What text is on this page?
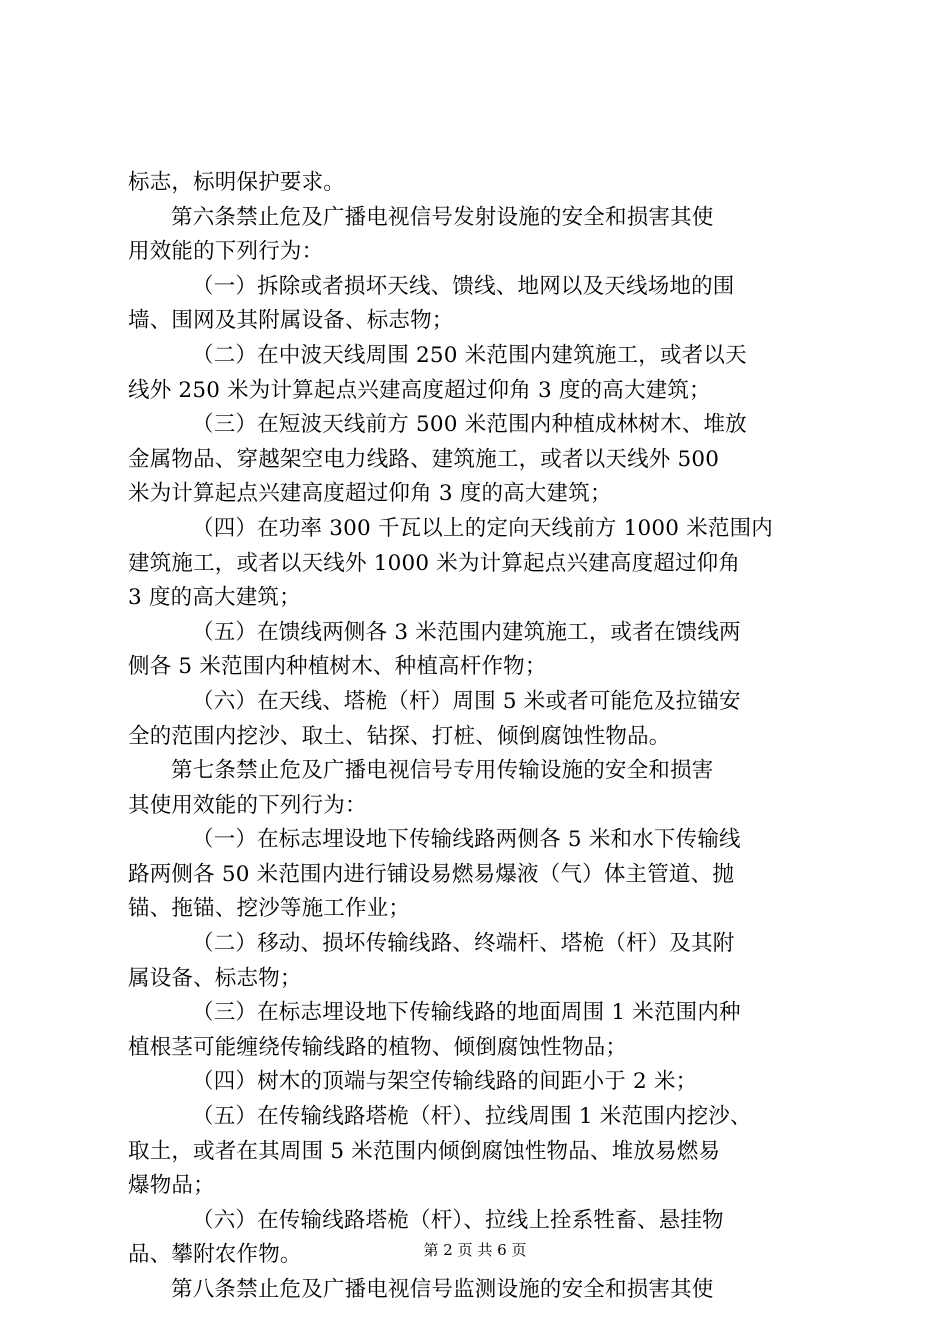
标志，标明保护要求。
第六条禁止危及广播电视信号发射设施的安全和损害其使
用效能的下列行为：
（一）拆除或者损坏天线、馈线、地网以及天线场地的围
墙、围网及其附属设备、标志物；
（二）在中波天线周围 250 米范围内建筑施工，或者以天
线外 250 米为计算起点兴建高度超过仰角 3 度的高大建筑；
（三）在短波天线前方 500 米范围内种植成林树木、堆放
金属物品、穿越架空电力线路、建筑施工，或者以天线外 500
米为计算起点兴建高度超过仰角 3 度的高大建筑；
（四）在功率 300 千瓦以上的定向天线前方 1000 米范围内
建筑施工，或者以天线外 1000 米为计算起点兴建高度超过仰角
3 度的高大建筑；
（五）在馈线两侧各 3 米范围内建筑施工，或者在馈线两
侧各 5 米范围内种植树木、种植高杆作物；
（六）在天线、塔桅（杆）周围 5 米或者可能危及拉锚安
全的范围内挖沙、取土、钻探、打桩、倾倒腐蚀性物品。
第七条禁止危及广播电视信号专用传输设施的安全和损害
其使用效能的下列行为：
（一）在标志埋设地下传输线路两侧各 5 米和水下传输线
路两侧各 50 米范围内进行铺设易燃易爆液（气）体主管道、抛
锚、拖锚、挖沙等施工作业；
（二）移动、损坏传输线路、终端杆、塔桅（杆）及其附
属设备、标志物；
（三）在标志埋设地下传输线路的地面周围 1 米范围内种
植根茎可能缠绕传输线路的植物、倾倒腐蚀性物品；
（四）树木的顶端与架空传输线路的间距小于 2 米；
（五）在传输线路塔桅（杆）、拉线周围 1 米范围内挖沙、
取土，或者在其周围 5 米范围内倾倒腐蚀性物品、堆放易燃易
爆物品；
（六）在传输线路塔桅（杆）、拉线上拴系牲畜、悬挂物
品、攀附农作物。
第八条禁止危及广播电视信号监测设施的安全和损害其使
第 2 页 共 6 页
